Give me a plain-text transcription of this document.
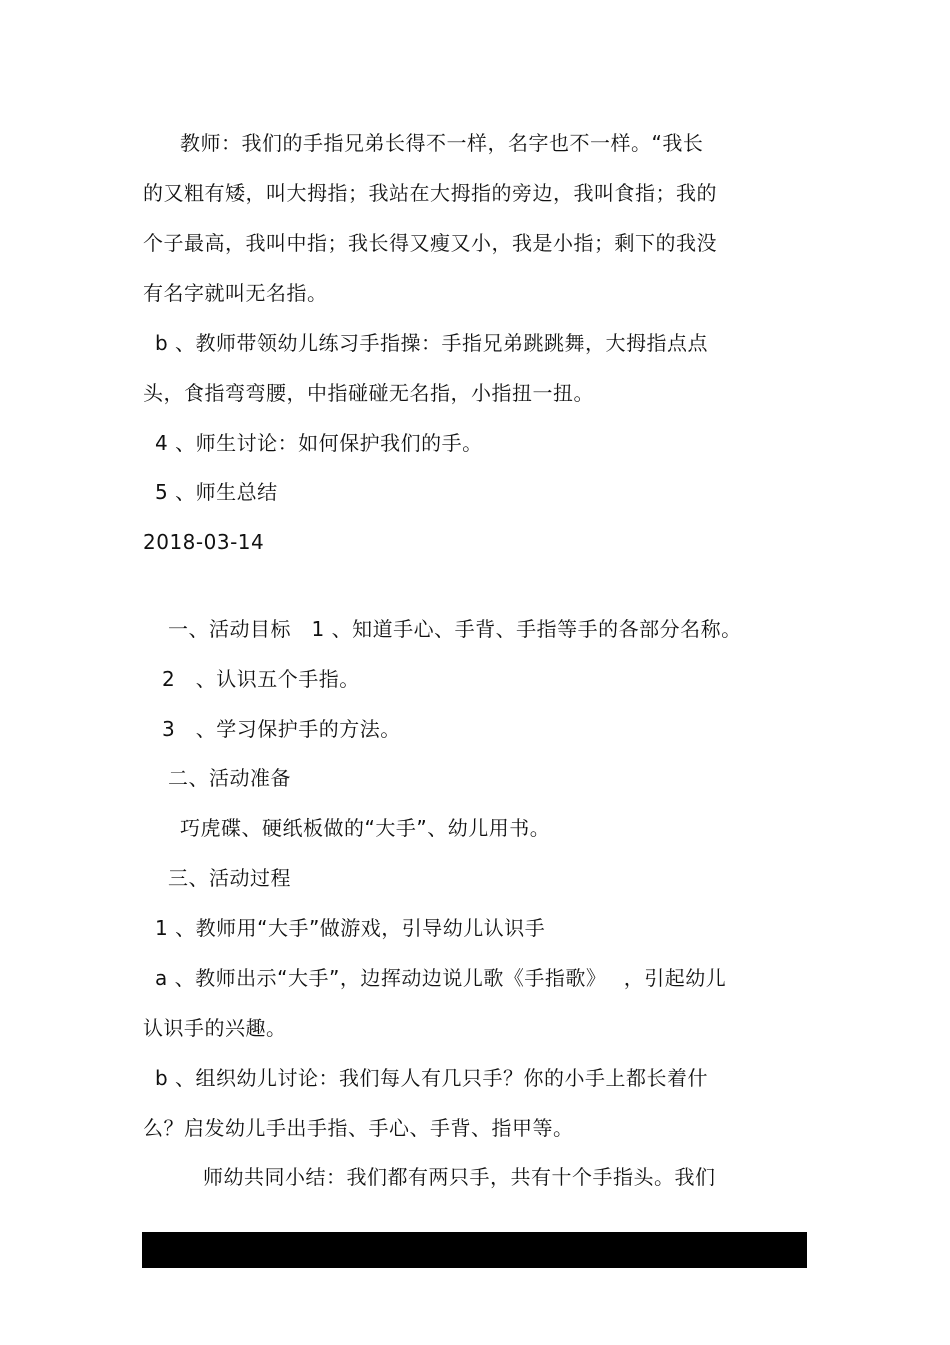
教师：我们的手指兄弟长得不一样，名字也不一样。“我长
的又粗有矮，叫大拇指；我站在大拇指的旁边，我叫食指；我的
个子最高，我叫中指；我长得又瘦又小，我是小指；剩下的我没
有名字就叫无名指。
b 、教师带领幼儿练习手指操：手指兄弟跳跳舞，大拇指点点
头，食指弯弯腰，中指碰碰无名指，小指扭一扭。
4 、师生讨论：如何保护我们的手。
5 、师生总结
2018-03-14
一、活动目标　1 、知道手心、手背、手指等手的各部分名称。
2　、认识五个手指。
3　、学习保护手的方法。
二、活动准备
巧虎碟、硬纸板做的“大手”、幼儿用书。
三、活动过程
1 、教师用“大手”做游戏，引导幼儿认识手
a 、教师出示“大手”，边挥动边说儿歌《手指歌》　 ，引起幼儿
认识手的兴趣。
b 、组织幼儿讨论：我们每人有几只手？你的小手上都长着什
么？启发幼儿手出手指、手心、手背、指甲等。
师幼共同小结：我们都有两只手，共有十个手指头。我们
